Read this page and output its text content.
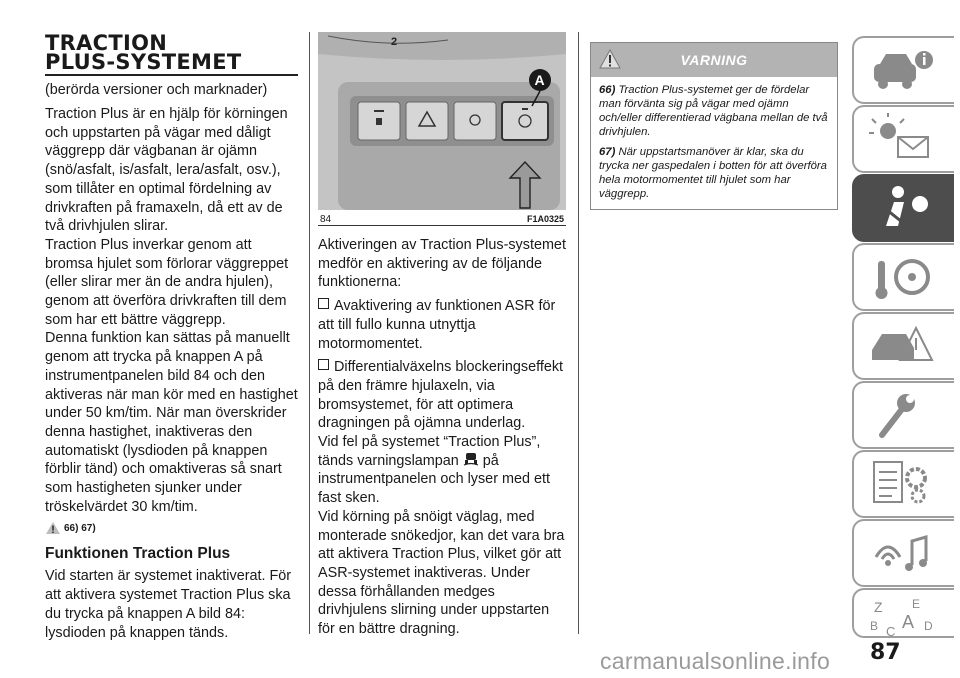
TRACTION
PLUS-SYSTEMET
(berörda versioner och marknader)

Traction Plus är en hjälp för körningen och uppstarten på vägar med dåligt väggrepp där vägbanan är ojämn (snö/asfalt, is/asfalt, lera/asfalt, osv.), som tillåter en optimal fördelning av drivkraften på framaxeln, då ett av de två drivhjulen slirar.

Traction Plus inverkar genom att bromsa hjulet som förlorar väggreppet (eller slirar mer än de andra hjulen), genom att överföra drivkraften till dem som har ett bättre väggrepp.

Denna funktion kan sättas på manuellt genom att trycka på knappen A på instrumentpanelen bild 84 och den aktiveras när man kör med en hastighet under 50 km/tim. När man överskrider denna hastighet, inaktiveras den automatiskt (lysdioden på knappen förblir tänd) och omaktiveras så snart som hastigheten sjunker under tröskelvärdet 30 km/tim.

66) 67)
Funktionen Traction Plus

Vid starten är systemet inaktiverat. För att aktivera systemet Traction Plus ska du trycka på knappen A bild 84: lysdioden på knappen tänds.

2
A
84	F1A0325

Aktiveringen av Traction Plus-systemet medför en aktivering av de följande funktionerna:

Avaktivering av funktionen ASR för att till fullo kunna utnyttja motormomentet.
Differentialväxelns blockeringseffekt på den främre hjulaxeln, via bromsystemet, för att optimera dragningen på ojämna underlag.

Vid fel på systemet “Traction Plus”, tänds varningslampan på instrumentpanelen och lyser med ett fast sken.

Vid körning på snöigt väglag, med monterade snökedjor, kan det vara bra att aktivera Traction Plus, vilket gör att ASR-systemet inaktiveras. Under dessa förhållanden medges drivhjulens slirning under uppstarten för en bättre dragning.

VARNING

66) Traction Plus-systemet ger de fördelar man förvänta sig på vägar med ojämn och/eller differentierad vägbana mellan de två drivhjulen.

67) När uppstartsmanöver är klar, ska du trycka ner gaspedalen i botten för att överföra hela motormomentet till hjulet som har väggrepp.

Z E
B A
C D
87
carmanualsonline.info
